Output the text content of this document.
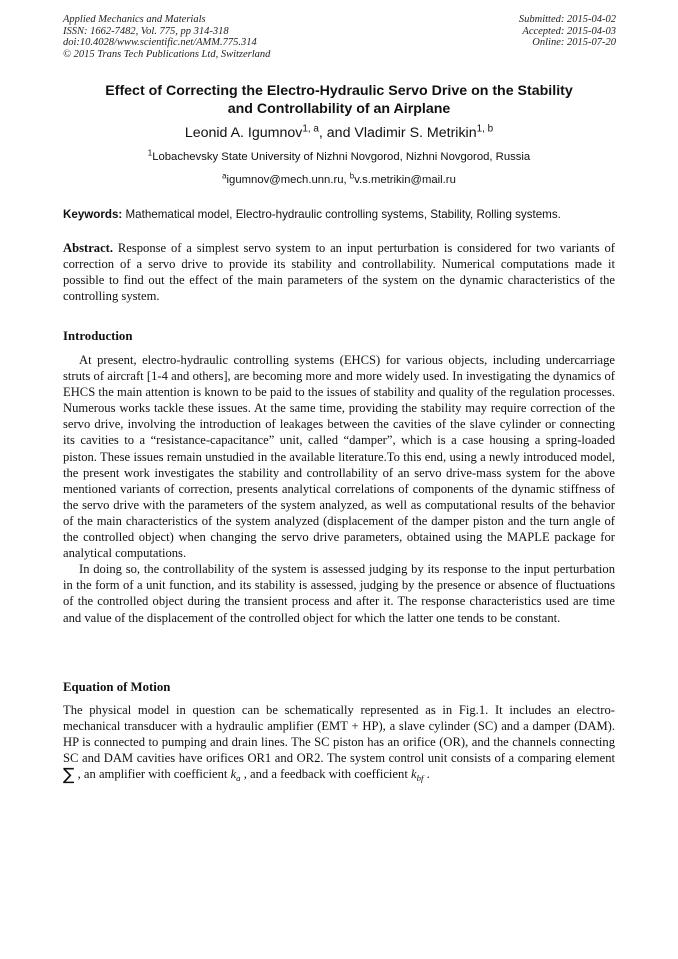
Applied Mechanics and Materials
ISSN: 1662-7482, Vol. 775, pp 314-318
doi:10.4028/www.scientific.net/AMM.775.314
© 2015 Trans Tech Publications Ltd, Switzerland
Submitted: 2015-04-02
Accepted: 2015-04-03
Online: 2015-07-20
Effect of Correcting the Electro-Hydraulic Servo Drive on the Stability
and Controllability of an Airplane
Leonid A. Igumnov$^{1, a}$, and Vladimir S. Metrikin$^{1, b}$
$^1$Lobachevsky State University of Nizhni Novgorod, Nizhni Novgorod, Russia
$^a$igumnov@mech.unn.ru, $^b$v.s.metrikin@mail.ru
Keywords: Mathematical model, Electro-hydraulic controlling systems, Stability, Rolling systems.
Abstract. Response of a simplest servo system to an input perturbation is considered for two variants of correction of a servo drive to provide its stability and controllability. Numerical computations made it possible to find out the effect of the main parameters of the system on the dynamic characteristics of the controlling system.
Introduction

At present, electro-hydraulic controlling systems (EHCS) for various objects, including undercarriage struts of aircraft [1-4 and others], are becoming more and more widely used. In investigating the dynamics of EHCS the main attention is known to be paid to the issues of stability and quality of the regulation processes. Numerous works tackle these issues. At the same time, providing the stability may require correction of the servo drive, involving the introduction of leakages between the cavities of the slave cylinder or connecting its cavities to a “resistance-capacitance” unit, called “damper”, which is a case housing a spring-loaded piston. These issues remain unstudied in the available literature.To this end, using a newly introduced model, the present work investigates the stability and controllability of an servo drive-mass system for the above mentioned variants of correction, presents analytical correlations of components of the dynamic stiffness of the servo drive with the parameters of the system analyzed, as well as computational results of the behavior of the main characteristics of the system analyzed (displacement of the damper piston and the turn angle of the controlled object) when changing the servo drive parameters, obtained using the MAPLE package for analytical computations.

In doing so, the controllability of the system is assessed judging by its response to the input perturbation in the form of a unit function, and its stability is assessed, judging by the presence or absence of fluctuations of the controlled object during the transient process and after it. The response characteristics used are time and value of the displacement of the controlled object for which the latter one tends to be constant.

Equation of Motion

The physical model in question can be schematically represented as in Fig.1. It includes an electro-mechanical transducer with a hydraulic amplifier (EMT + HP), a slave cylinder (SC) and a damper (DAM). HP is connected to pumping and drain lines. The SC piston has an orifice (OR), and the channels connecting SC and DAM cavities have orifices OR1 and OR2. The system control unit consists of a comparing element ∑ , an amplifier with coefficient $k_a$ , and a feedback with coefficient $k_{bf}$ .
